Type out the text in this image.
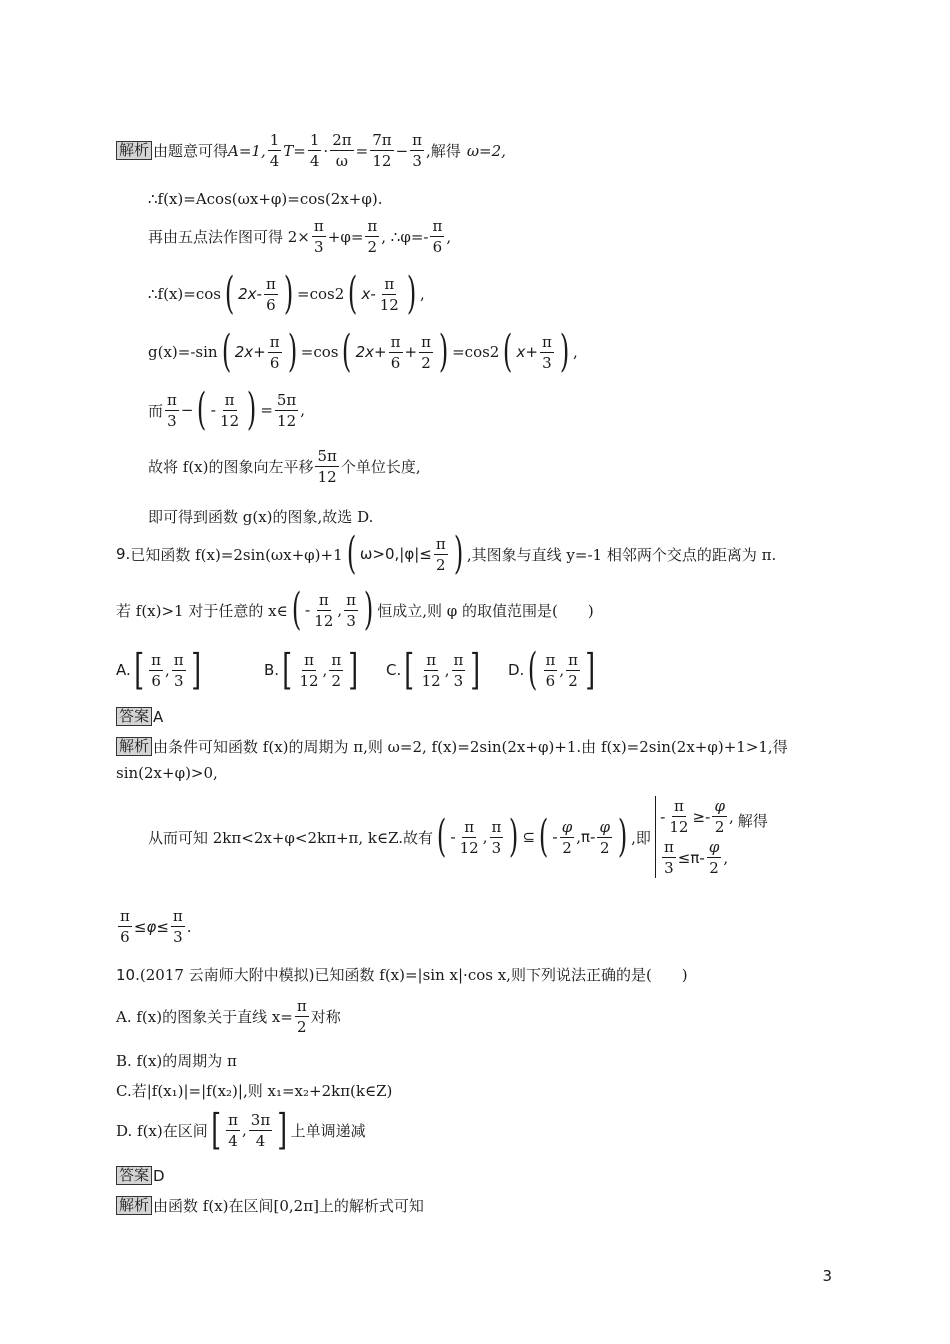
解析 由题意可得 A=1,
1
4
$T= \frac{1}{4} \cdot \frac{2\pi}{\omega} = \frac{7\pi}{12} - \frac{\pi}{3}$ ,解得 ω=2,
∴f(x)=Acos(ωx+φ)=cos(2x+φ).
再由五点法作图可得 $2\times \frac{\pi}{3} +\varphi= \frac{\pi}{2}$ , ∴φ=-
π
6
,
∴f(x)=cos ( 2x-
π
6 ) =cos2 ( x-
π
12 ) ,
g(x)=-sin ( $2x+ \frac{\pi}{6}$ ) =cos ( $2x+ \frac{\pi}{6} + \frac{\pi}{2}$ ) =cos2 ( $x+ \frac{\pi}{3}$ ) ,
而
π
3
− ( -
π
12 ) = $\frac{5\pi}{12}$ ,
故将 f(x)的图象向左平移
5π
12
个单位长度,
即可得到函数 g(x)的图象,故选 D.
9. 已知函数 f(x)=2sin(ωx+φ)+1 ( $\omega>0,|\varphi|\le \frac{\pi}{2}$ ) ,其图象与直线 y=-1 相邻两个交点的距离为 π.
若 f(x)>1 对于任意的 x∈ ( -
π
12
,
π
3 ) 恒成立,则 φ 的取值范围是(　　)
A. [ π
6
,
π
3 ]	B. [ π
12
,
π
2 ] C. [ π
12
,
π
3 ] D. ( π
6
,
π
2 ]
答案 A
解析 由条件可知函数 f(x)的周期为 π,则 ω=2, f(x)=2sin(2x+φ)+1.由 f(x)=2sin(2x+φ)+1>1,得
sin(2x+φ)>0,
从而可知 2kπ<2x+φ<2kπ+π, k∈Z.故有 ( -
π
12
,
π
3 ) ⊆ ( -
φ
2
, π-
φ
2 ) ,即
- $\frac{\pi}{12}$ ≥-
φ
2
,
$\frac{\pi}{3} \le\pi-$
φ
2
,
解得
$\frac{\pi}{6} \le\varphi\le \frac{\pi}{3}$ .
10. (2017 云南师大附中模拟)已知函数 f(x)=|sin x|·cos x,则下列说法正确的是(　　)
A. f(x)的图象关于直线 $x= \frac{\pi}{2}$ 对称
B. f(x)的周期为 π
C.若|f(x₁)|=|f(x₂)|,则 x₁=x₂+2kπ(k∈Z)
D. f(x)在区间 [ π
4
,
3π
4 ] 上单调递减
答案 D
解析 由函数 f(x)在区间[0,2π]上的解析式可知
3
